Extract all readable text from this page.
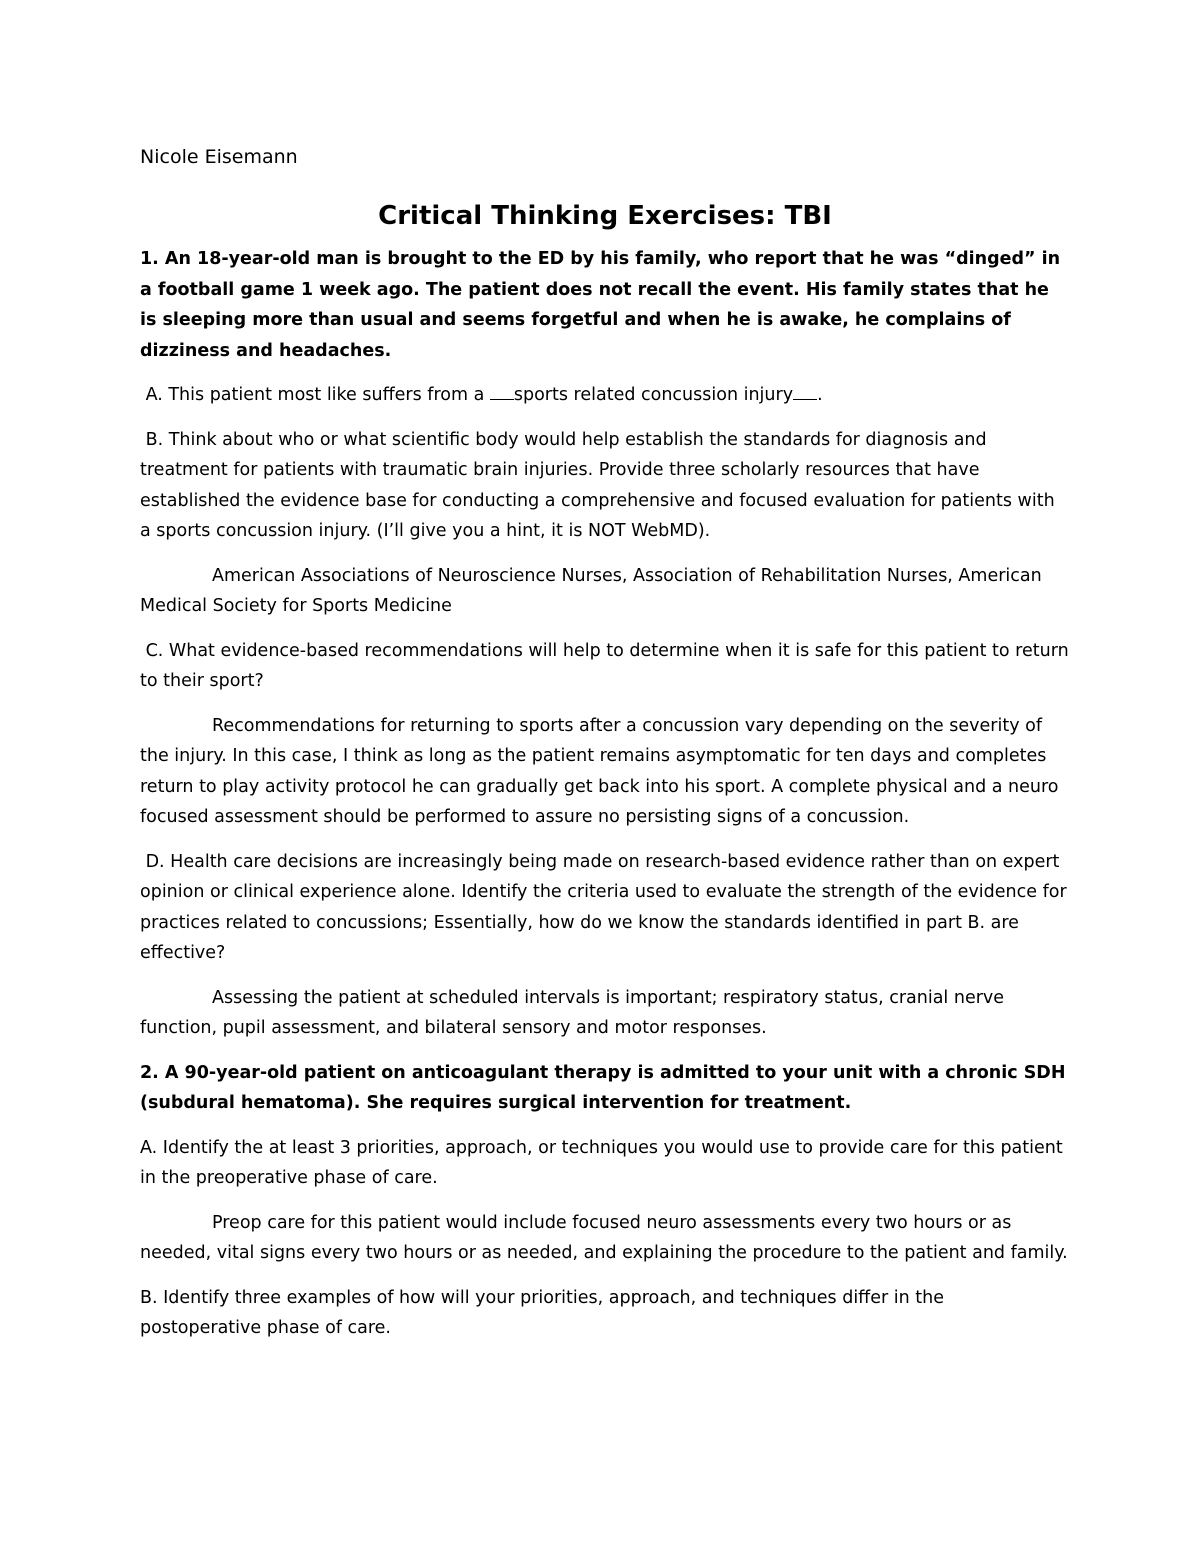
Nicole Eisemann

Critical Thinking Exercises: TBI

1. An 18-year-old man is brought to the ED by his family, who report that he was “dinged” in a football game 1 week ago. The patient does not recall the event. His family states that he is sleeping more than usual and seems forgetful and when he is awake, he complains of dizziness and headaches.

A. This patient most like suffers from a sports related concussion injury .

B. Think about who or what scientific body would help establish the standards for diagnosis and treatment for patients with traumatic brain injuries. Provide three scholarly resources that have established the evidence base for conducting a comprehensive and focused evaluation for patients with a sports concussion injury. (I’ll give you a hint, it is NOT WebMD).

American Associations of Neuroscience Nurses, Association of Rehabilitation Nurses, American Medical Society for Sports Medicine

C. What evidence-based recommendations will help to determine when it is safe for this patient to return to their sport?

Recommendations for returning to sports after a concussion vary depending on the severity of the injury. In this case, I think as long as the patient remains asymptomatic for ten days and completes return to play activity protocol he can gradually get back into his sport. A complete physical and a neuro focused assessment should be performed to assure no persisting signs of a concussion.

D. Health care decisions are increasingly being made on research-based evidence rather than on expert opinion or clinical experience alone. Identify the criteria used to evaluate the strength of the evidence for practices related to concussions; Essentially, how do we know the standards identified in part B. are effective?

Assessing the patient at scheduled intervals is important; respiratory status, cranial nerve function, pupil assessment, and bilateral sensory and motor responses.

2. A 90-year-old patient on anticoagulant therapy is admitted to your unit with a chronic SDH (subdural hematoma). She requires surgical intervention for treatment.

A. Identify the at least 3 priorities, approach, or techniques you would use to provide care for this patient in the preoperative phase of care.

Preop care for this patient would include focused neuro assessments every two hours or as needed, vital signs every two hours or as needed, and explaining the procedure to the patient and family.

B. Identify three examples of how will your priorities, approach, and techniques differ in the postoperative phase of care.
